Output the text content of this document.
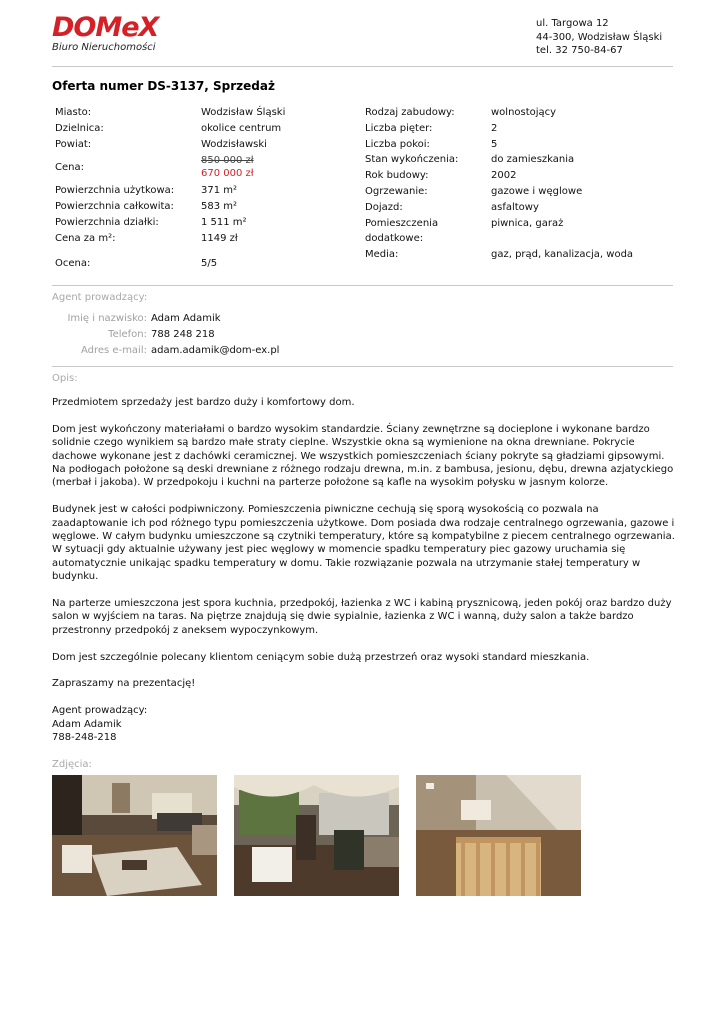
DOMeX
Biuro Nieruchomości
ul. Targowa 12
44-300, Wodzisław Śląski
tel. 32 750-84-67
Oferta numer DS-3137, Sprzedaż
Miasto:	Wodzisław Śląski
Dzielnica:	okolice centrum
Powiat:	Wodzisławski
Cena:
850 000 zł
670 000 zł
Powierzchnia użytkowa:	371 m²
Powierzchnia całkowita:	583 m²
Powierzchnia działki:	1 511 m²
Cena za m²:	1149 zł
Ocena:	5/5
Rodzaj zabudowy:	wolnostojący
Liczba pięter:	2
Liczba pokoi:	5
Stan wykończenia:	do zamieszkania
Rok budowy:	2002
Ogrzewanie:	gazowe i węglowe
Dojazd:	asfaltowy
Pomieszczenia dodatkowe:
piwnica, garaż
Media:	gaz, prąd, kanalizacja, woda
Agent prowadzący:
Imię i nazwisko: Adam Adamik
Telefon: 788 248 218
Adres e-mail: adam.adamik@dom-ex.pl
Opis:

Przedmiotem sprzedaży jest bardzo duży i komfortowy dom.

Dom jest wykończony materiałami o bardzo wysokim standardzie. Ściany zewnętrzne są docieplone i wykonane bardzo solidnie czego wynikiem są bardzo małe straty cieplne. Wszystkie okna są wymienione na okna drewniane. Pokrycie dachowe wykonane jest z dachówki ceramicznej. We wszystkich pomieszczeniach ściany pokryte są gładziami gipsowymi. Na podłogach położone są deski drewniane z różnego rodzaju drewna, m.in. z bambusa, jesionu, dębu, drewna azjatyckiego (merbał i jakoba). W przedpokoju i kuchni na parterze położone są kafle na wysokim połysku w jasnym kolorze.

Budynek jest w całości podpiwniczony. Pomieszczenia piwniczne cechują się sporą wysokością co pozwala na zaadaptowanie ich pod różnego typu pomieszczenia użytkowe. Dom posiada dwa rodzaje centralnego ogrzewania, gazowe i węglowe. W całym budynku umieszczone są czytniki temperatury, które są kompatybilne z piecem centralnego ogrzewania. W sytuacji gdy aktualnie używany jest piec węglowy w momencie spadku temperatury piec gazowy uruchamia się automatycznie unikając spadku temperatury w domu. Takie rozwiązanie pozwala na utrzymanie stałej temperatury w budynku.

Na parterze umieszczona jest spora kuchnia, przedpokój, łazienka z WC i kabiną prysznicową, jeden pokój oraz bardzo duży salon w wyjściem na taras. Na piętrze znajdują się dwie sypialnie, łazienka z WC i wanną, duży salon a także bardzo przestronny przedpokój z aneksem wypoczynkowym.

Dom jest szczególnie polecany klientom ceniącym sobie dużą przestrzeń oraz wysoki standard mieszkania.

Zapraszamy na prezentację!

Agent prowadzący:
Adam Adamik
788-248-218
Zdjęcia:
